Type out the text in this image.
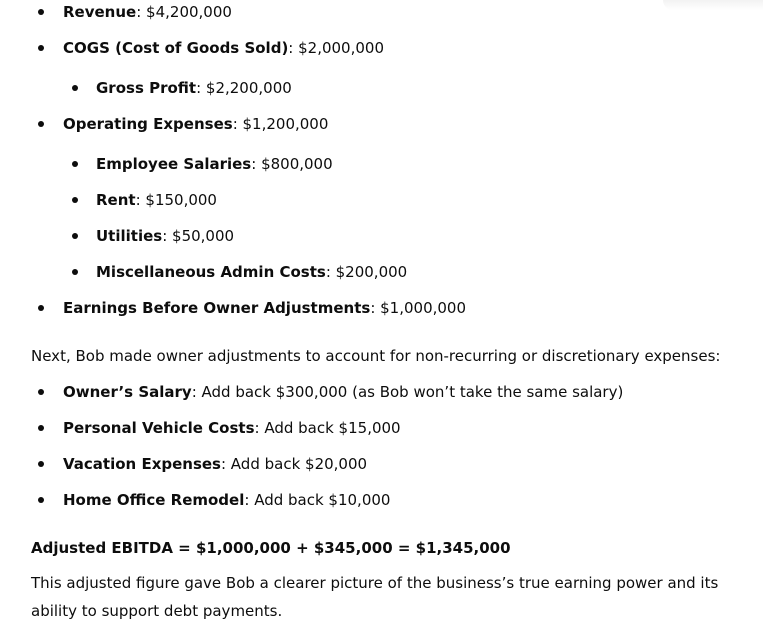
Revenue: $4,200,000

COGS (Cost of Goods Sold): $2,000,000

Gross Profit: $2,200,000

Operating Expenses: $1,200,000

Employee Salaries: $800,000

Rent: $150,000

Utilities: $50,000

Miscellaneous Admin Costs: $200,000

Earnings Before Owner Adjustments: $1,000,000

Next, Bob made owner adjustments to account for non-recurring or discretionary expenses:

Owner’s Salary: Add back $300,000 (as Bob won’t take the same salary)

Personal Vehicle Costs: Add back $15,000

Vacation Expenses: Add back $20,000

Home Office Remodel: Add back $10,000

Adjusted EBITDA = $1,000,000 + $345,000 = $1,345,000

This adjusted figure gave Bob a clearer picture of the business’s true earning power and its ability to support debt payments.
